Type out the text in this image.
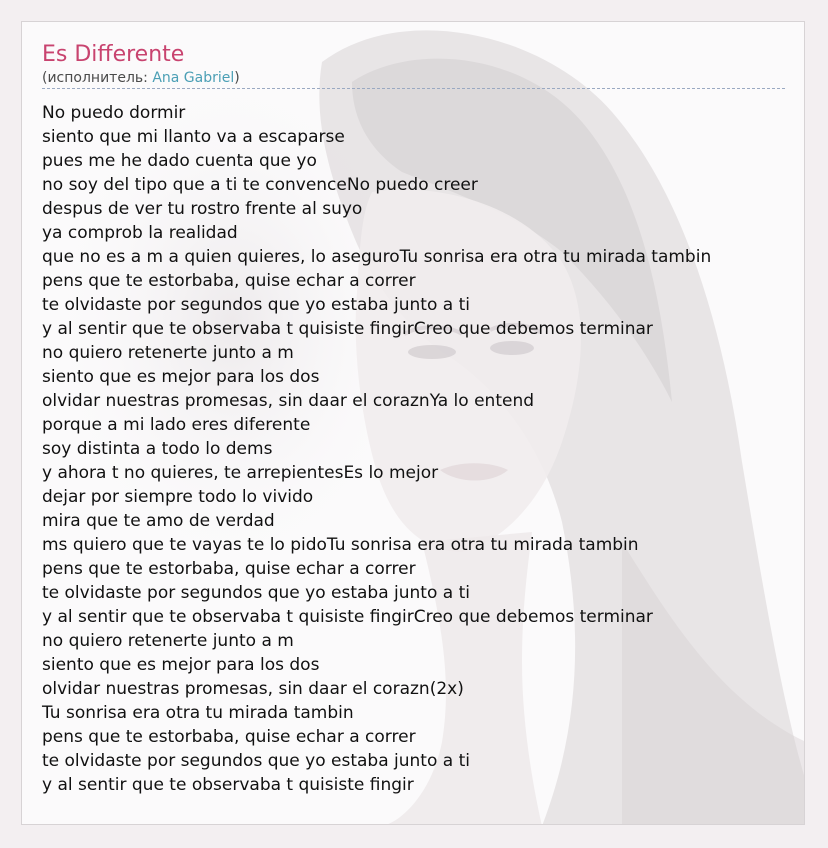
Es Differente
(исполнитель: Ana Gabriel)
No puedo dormir
siento que mi llanto va a escaparse
pues me he dado cuenta que yo
no soy del tipo que a ti te convenceNo puedo creer
despus de ver tu rostro frente al suyo
ya comprob la realidad
que no es a m a quien quieres, lo aseguroTu sonrisa era otra tu mirada tambin
pens que te estorbaba, quise echar a correr
te olvidaste por segundos que yo estaba junto a ti
y al sentir que te observaba t quisiste fingirCreo que debemos terminar
no quiero retenerte junto a m
siento que es mejor para los dos
olvidar nuestras promesas, sin daar el coraznYa lo entend
porque a mi lado eres diferente
soy distinta a todo lo dems
y ahora t no quieres, te arrepientesEs lo mejor
dejar por siempre todo lo vivido
mira que te amo de verdad
ms quiero que te vayas te lo pidoTu sonrisa era otra tu mirada tambin
pens que te estorbaba, quise echar a correr
te olvidaste por segundos que yo estaba junto a ti
y al sentir que te observaba t quisiste fingirCreo que debemos terminar
no quiero retenerte junto a m
siento que es mejor para los dos
olvidar nuestras promesas, sin daar el corazn(2x)
Tu sonrisa era otra tu mirada tambin
pens que te estorbaba, quise echar a correr
te olvidaste por segundos que yo estaba junto a ti
y al sentir que te observaba t quisiste fingir
